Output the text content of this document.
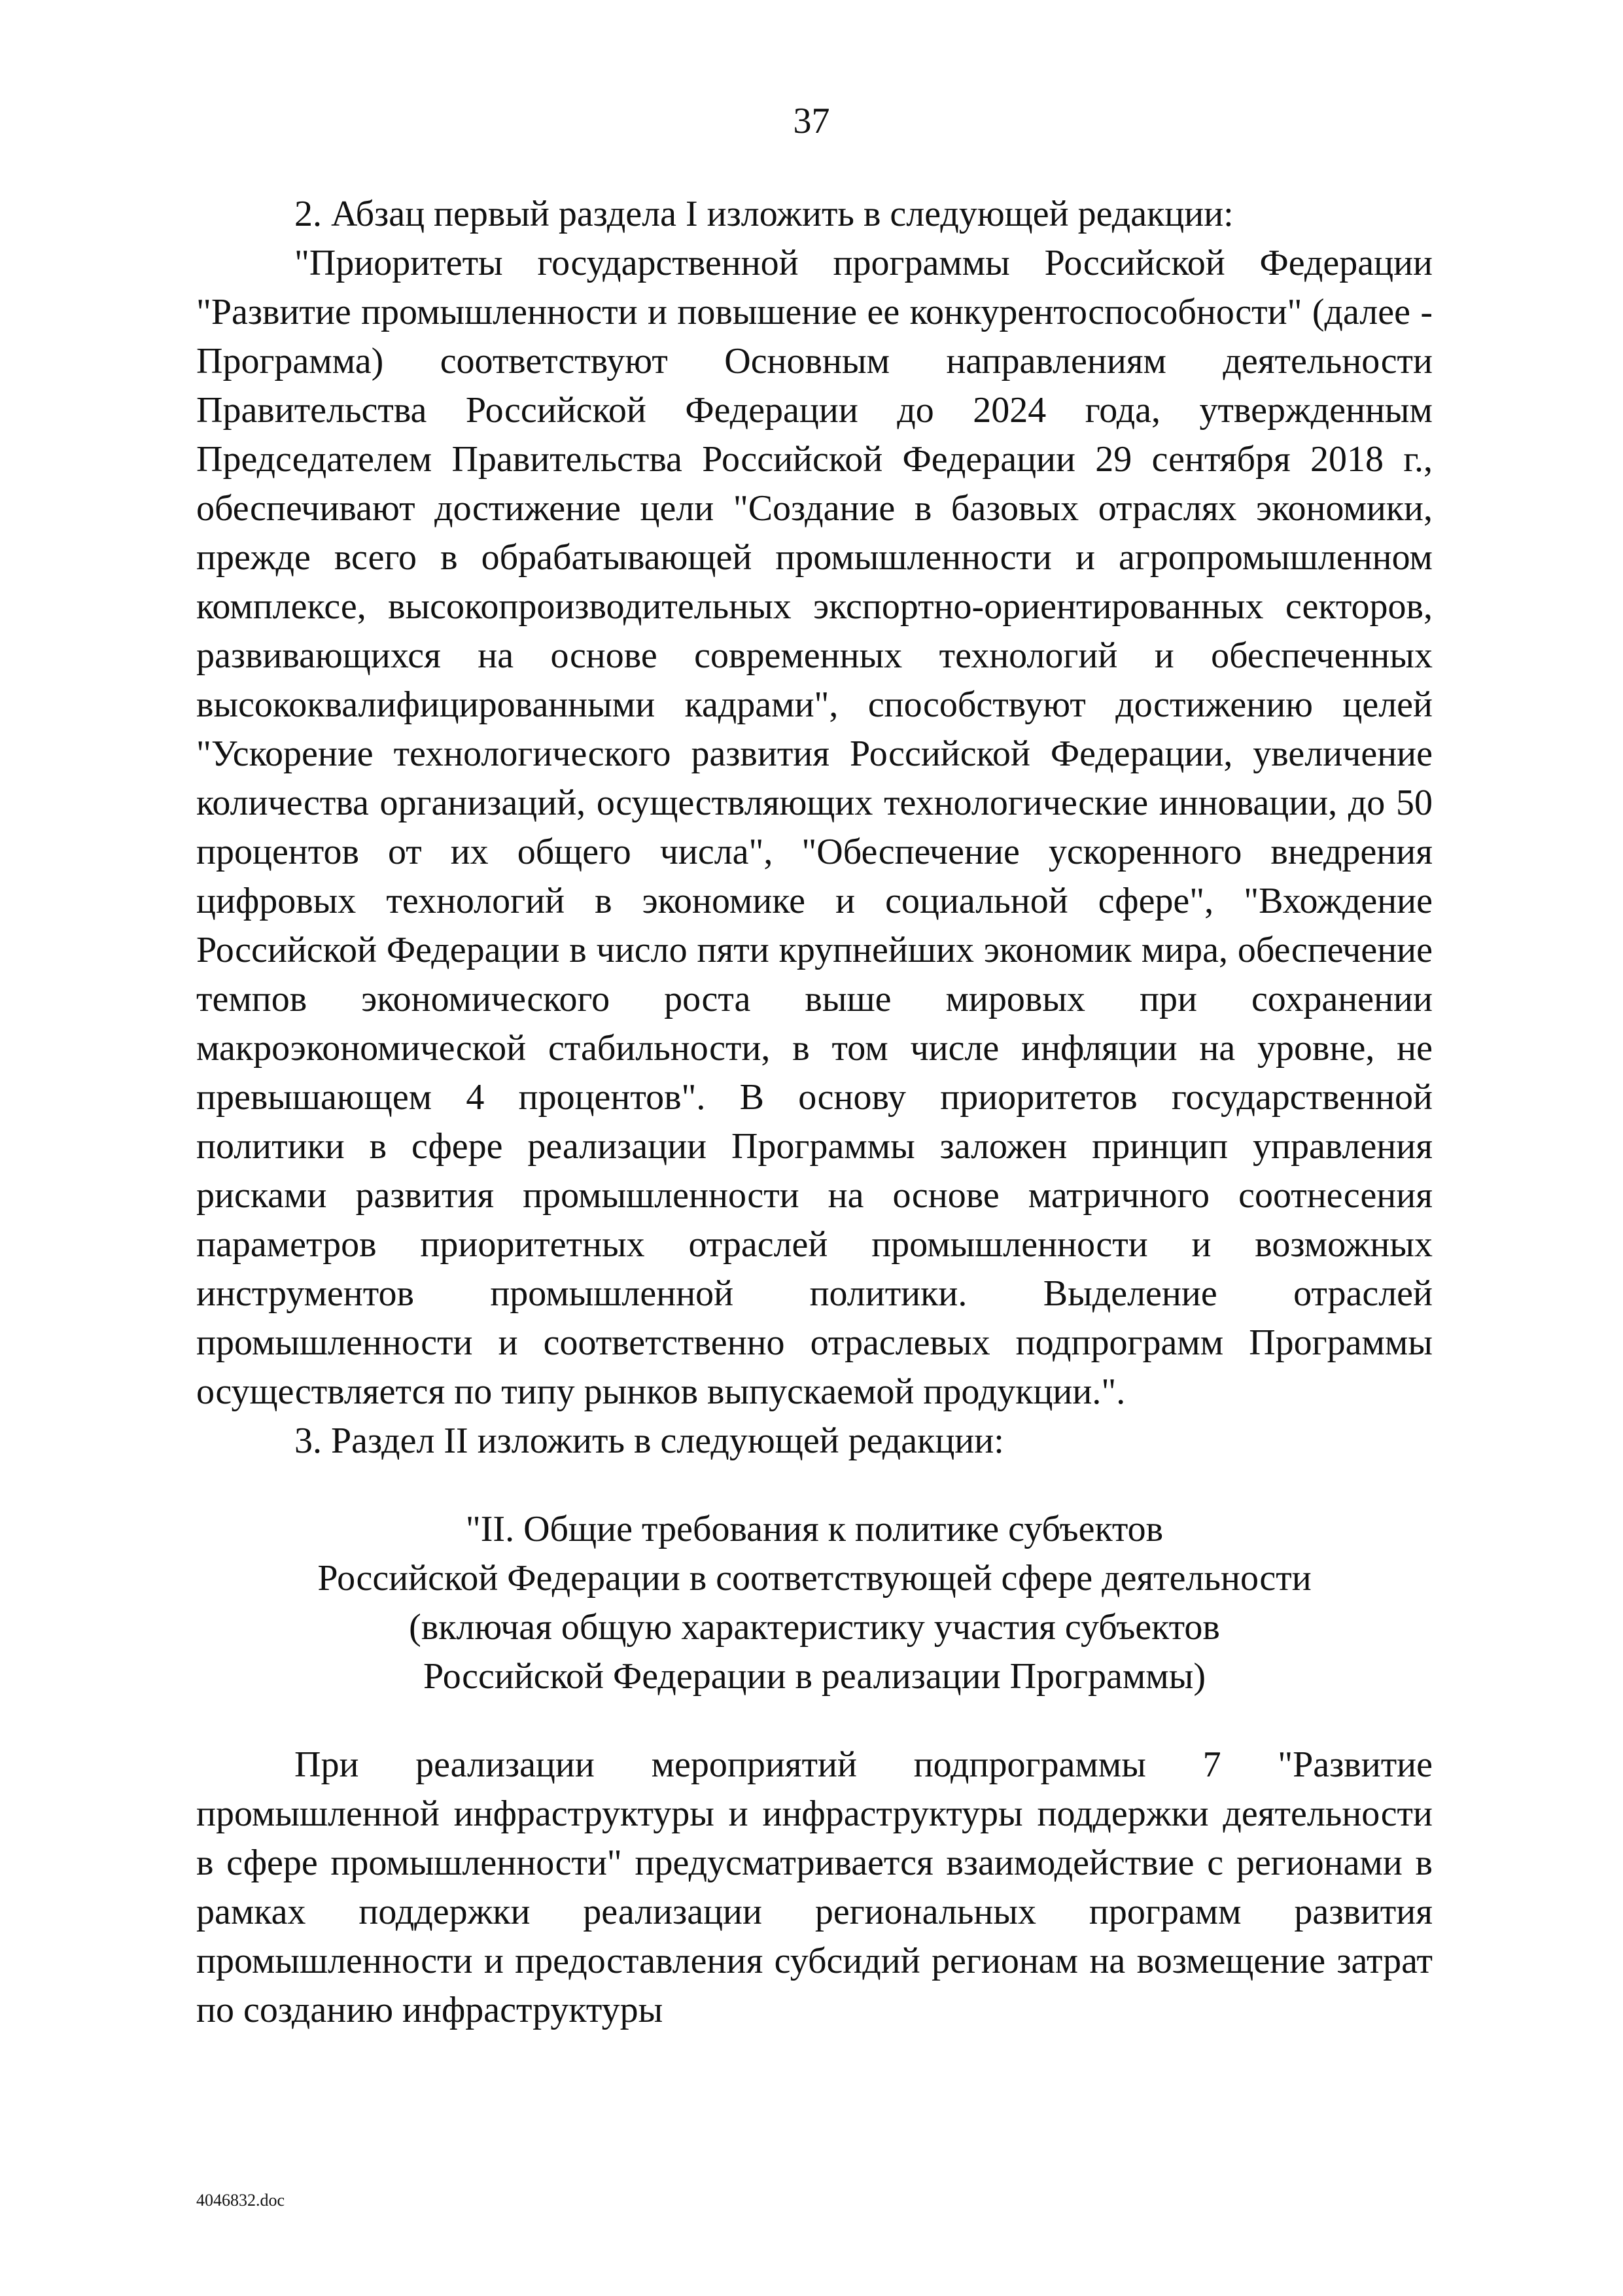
37

2. Абзац первый раздела I изложить в следующей редакции:

"Приоритеты государственной программы Российской Федерации "Развитие промышленности и повышение ее конкурентоспособности" (далее - Программа) соответствуют Основным направлениям деятельности Правительства Российской Федерации до 2024 года, утвержденным Председателем Правительства Российской Федерации 29 сентября 2018 г., обеспечивают достижение цели "Создание в базовых отраслях экономики, прежде всего в обрабатывающей промышленности и агропромышленном комплексе, высокопроизводительных экспортно-ориентированных секторов, развивающихся на основе современных технологий и обеспеченных высококвалифицированными кадрами", способствуют достижению целей "Ускорение технологического развития Российской Федерации, увеличение количества организаций, осуществляющих технологические инновации, до 50 процентов от их общего числа", "Обеспечение ускоренного внедрения цифровых технологий в экономике и социальной сфере", "Вхождение Российской Федерации в число пяти крупнейших экономик мира, обеспечение темпов экономического роста выше мировых при сохранении макроэкономической стабильности, в том числе инфляции на уровне, не превышающем 4 процентов". В основу приоритетов государственной политики в сфере реализации Программы заложен принцип управления рисками развития промышленности на основе матричного соотнесения параметров приоритетных отраслей промышленности и возможных инструментов промышленной политики. Выделение отраслей промышленности и соответственно отраслевых подпрограмм Программы осуществляется по типу рынков выпускаемой продукции.".

3. Раздел II изложить в следующей редакции:

"II. Общие требования к политике субъектов
Российской Федерации в соответствующей сфере деятельности
(включая общую характеристику участия субъектов
Российской Федерации в реализации Программы)

При реализации мероприятий подпрограммы 7 "Развитие промышленной инфраструктуры и инфраструктуры поддержки деятельности в сфере промышленности" предусматривается взаимодействие с регионами в рамках поддержки реализации региональных программ развития промышленности и предоставления субсидий регионам на возмещение затрат по созданию инфраструктуры

4046832.doc
